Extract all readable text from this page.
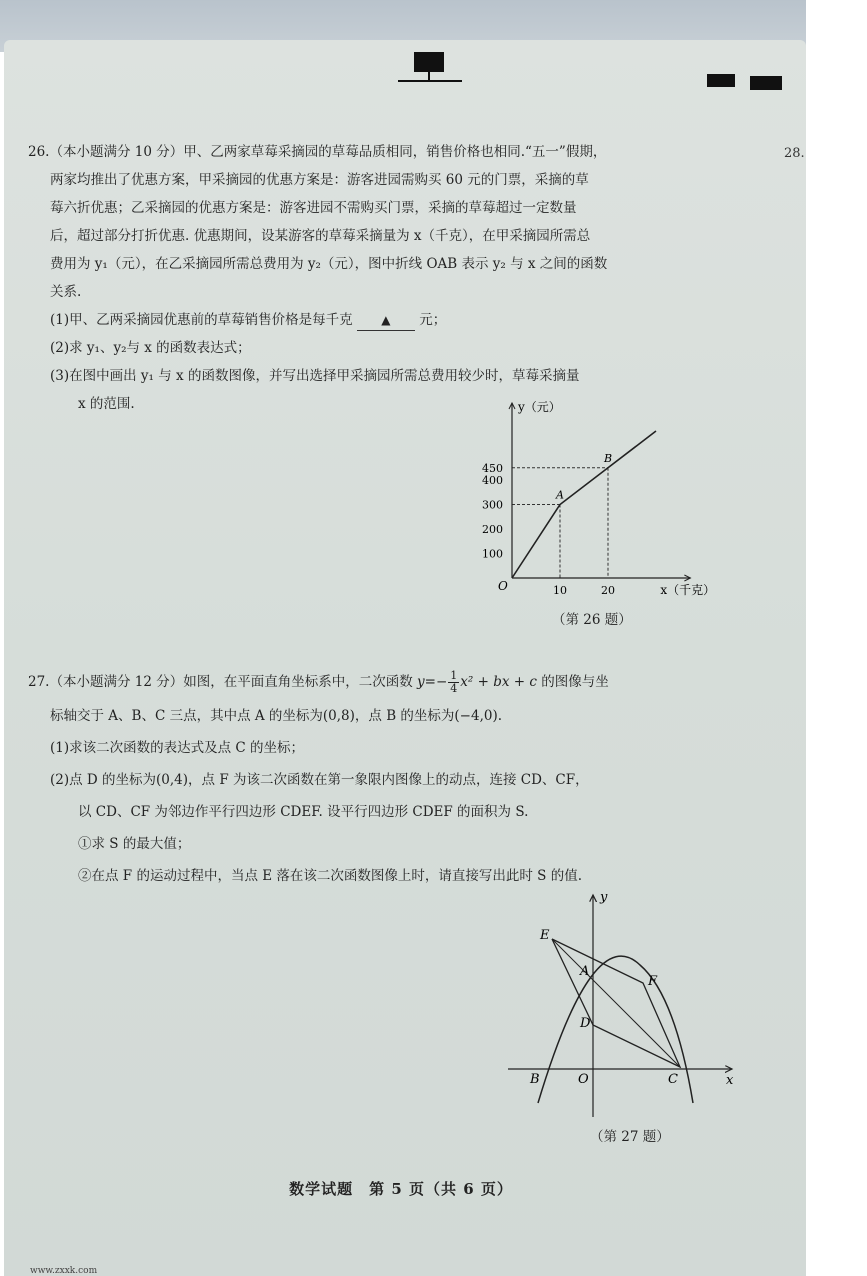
28.

26.（本小题满分 10 分）甲、乙两家草莓采摘园的草莓品质相同，销售价格也相同.“五一”假期，

两家均推出了优惠方案，甲采摘园的优惠方案是：游客进园需购买 60 元的门票，采摘的草

莓六折优惠；乙采摘园的优惠方案是：游客进园不需购买门票，采摘的草莓超过一定数量

后，超过部分打折优惠. 优惠期间，设某游客的草莓采摘量为 x（千克），在甲采摘园所需总

费用为 y₁（元），在乙采摘园所需总费用为 y₂（元），图中折线 OAB 表示 y₂ 与 x 之间的函数

关系.

(1)甲、乙两采摘园优惠前的草莓销售价格是每千克 ▲ 元；

(2)求 y₁、y₂与 x 的函数表达式；

(3)在图中画出 y₁ 与 x 的函数图像，并写出选择甲采摘园所需总费用较少时，草莓采摘量

x 的范围.

A
B
100
200
300
400
450
10	20
O
y（元）
x（千克）
（第 26 题）

27.（本小题满分 12 分）如图，在平面直角坐标系中，二次函数 $y=- \frac{1}{4} x^2$ + bx + c 的图像与坐

标轴交于 A、B、C 三点，其中点 A 的坐标为(0,8)，点 B 的坐标为(−4,0).

(1)求该二次函数的表达式及点 C 的坐标；

(2)点 D 的坐标为(0,4)，点 F 为该二次函数在第一象限内图像上的动点，连接 CD、CF，

以 CD、CF 为邻边作平行四边形 CDEF. 设平行四边形 CDEF 的面积为 S.

①求 S 的最大值；

②在点 F 的运动过程中，当点 E 落在该二次函数图像上时，请直接写出此时 S 的值.

E
A
F
D
B	O	C	x
y
（第 27 题）
数学试题　第 5 页（共 6 页）
www.zxxk.com
